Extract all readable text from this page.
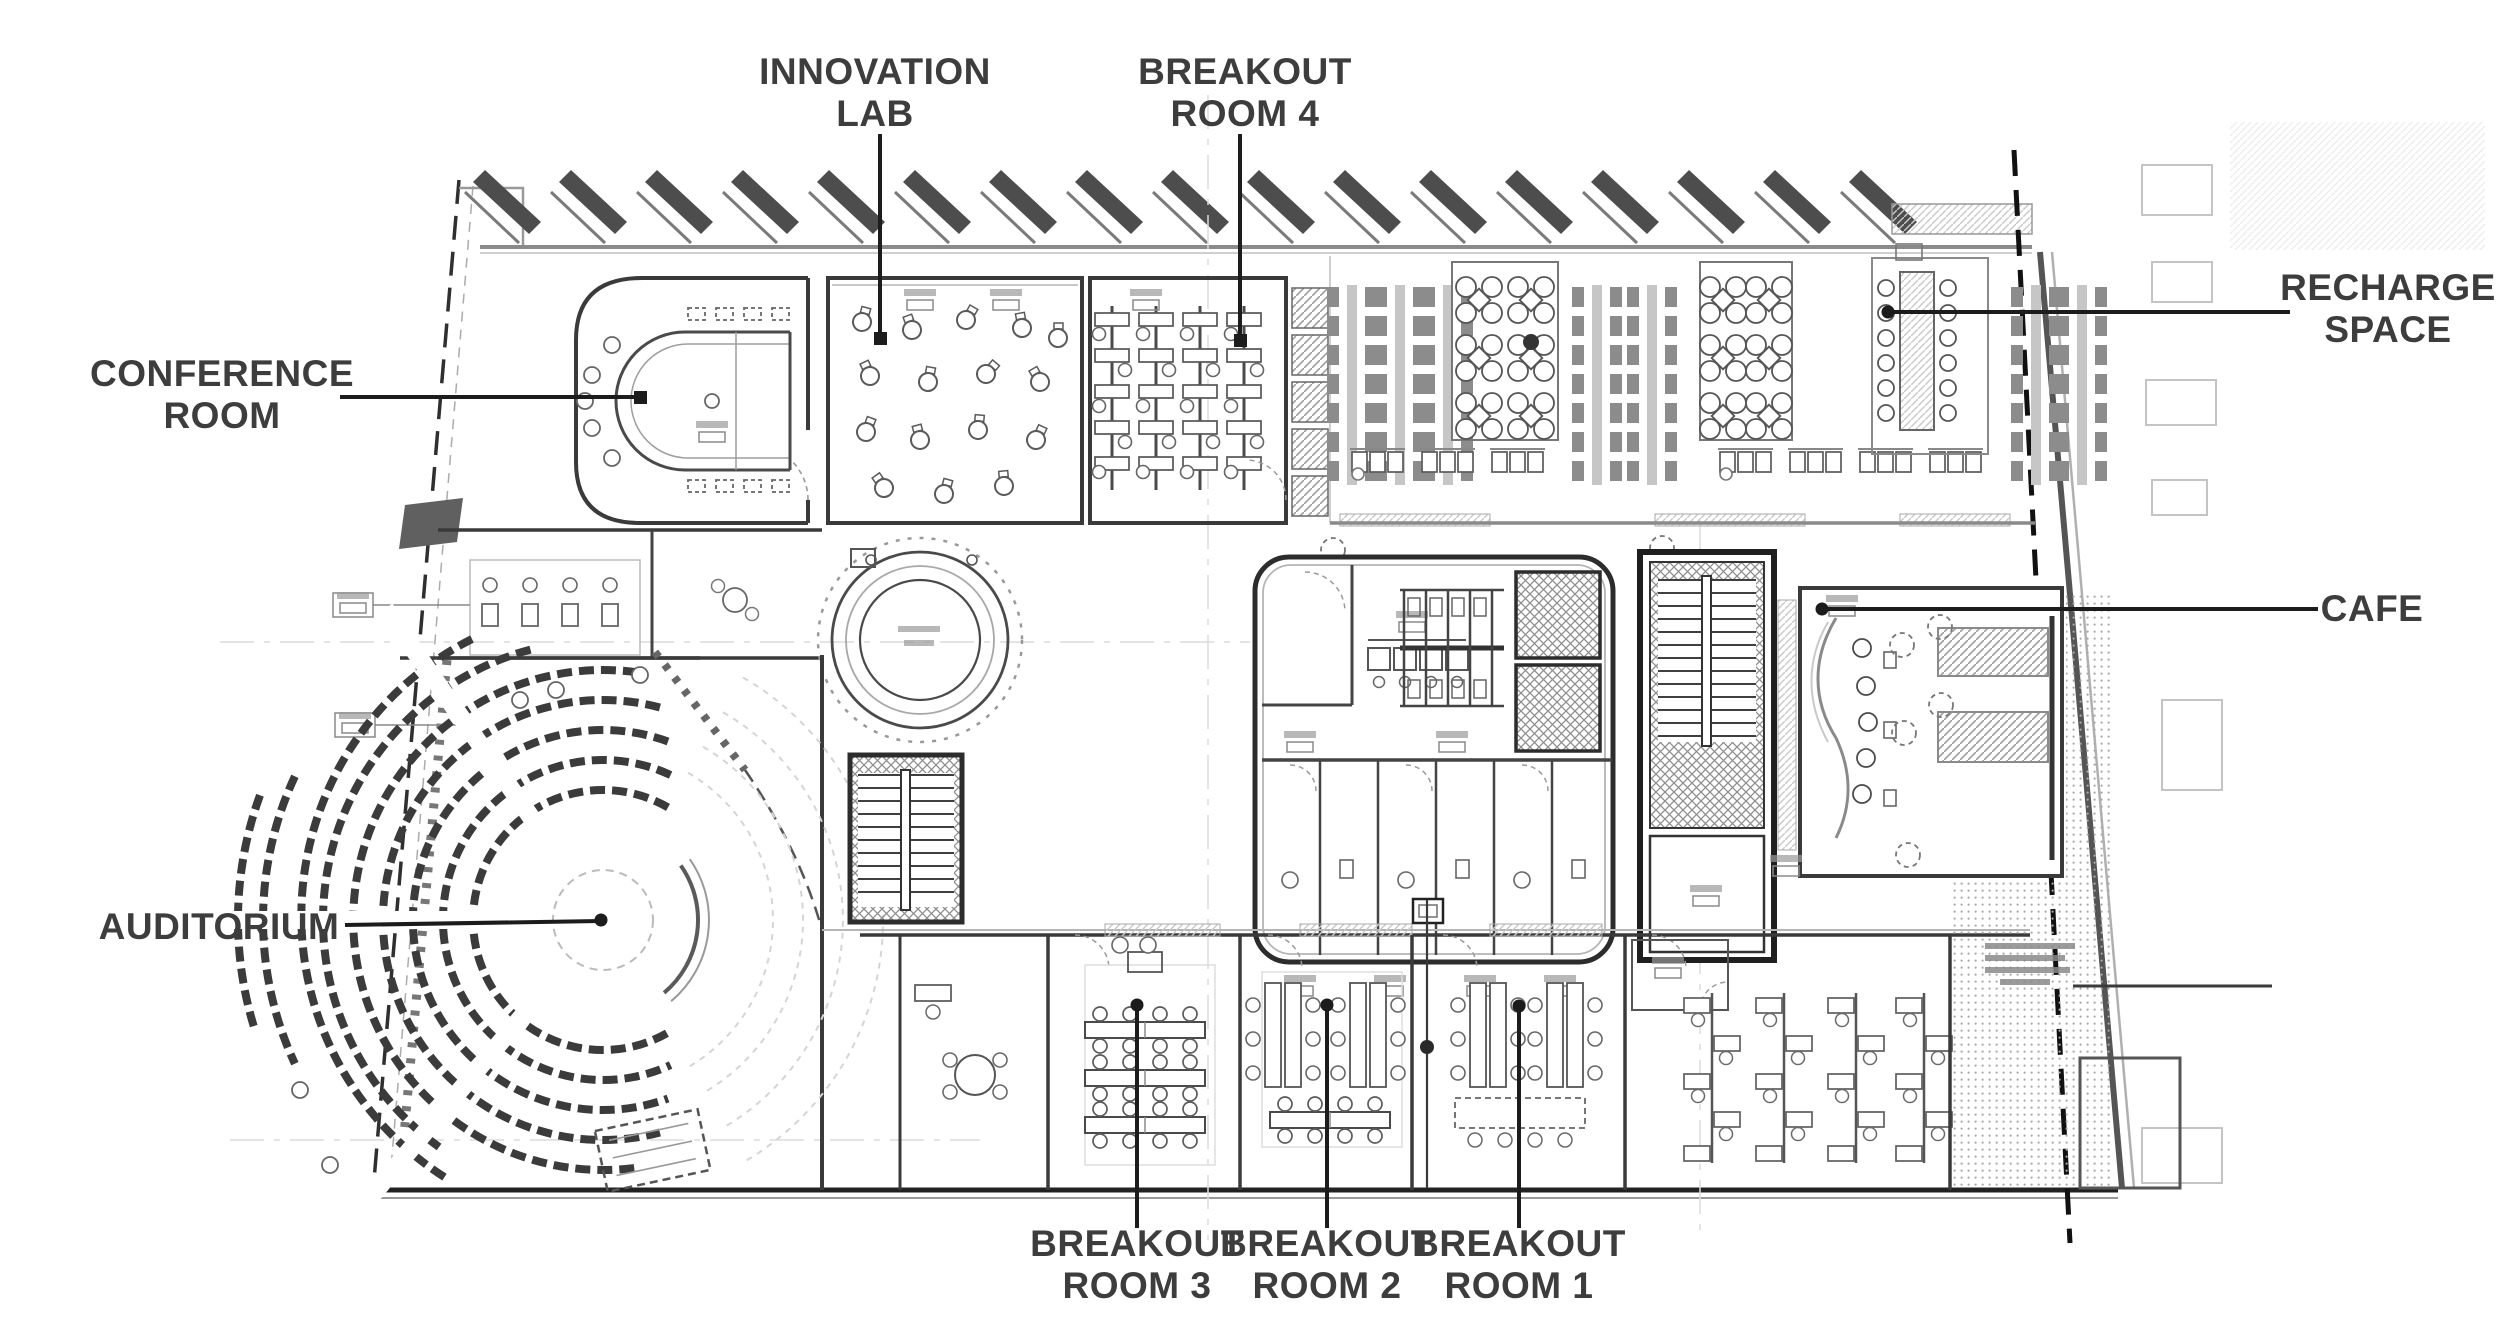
CONFERENCE
ROOM
INNOVATION
LAB
BREAKOUT
ROOM 4
RECHARGE
SPACE
CAFE
AUDITORIUM
BREAKOUT
ROOM 3
BREAKOUT
ROOM 2
BREAKOUT
ROOM 1
